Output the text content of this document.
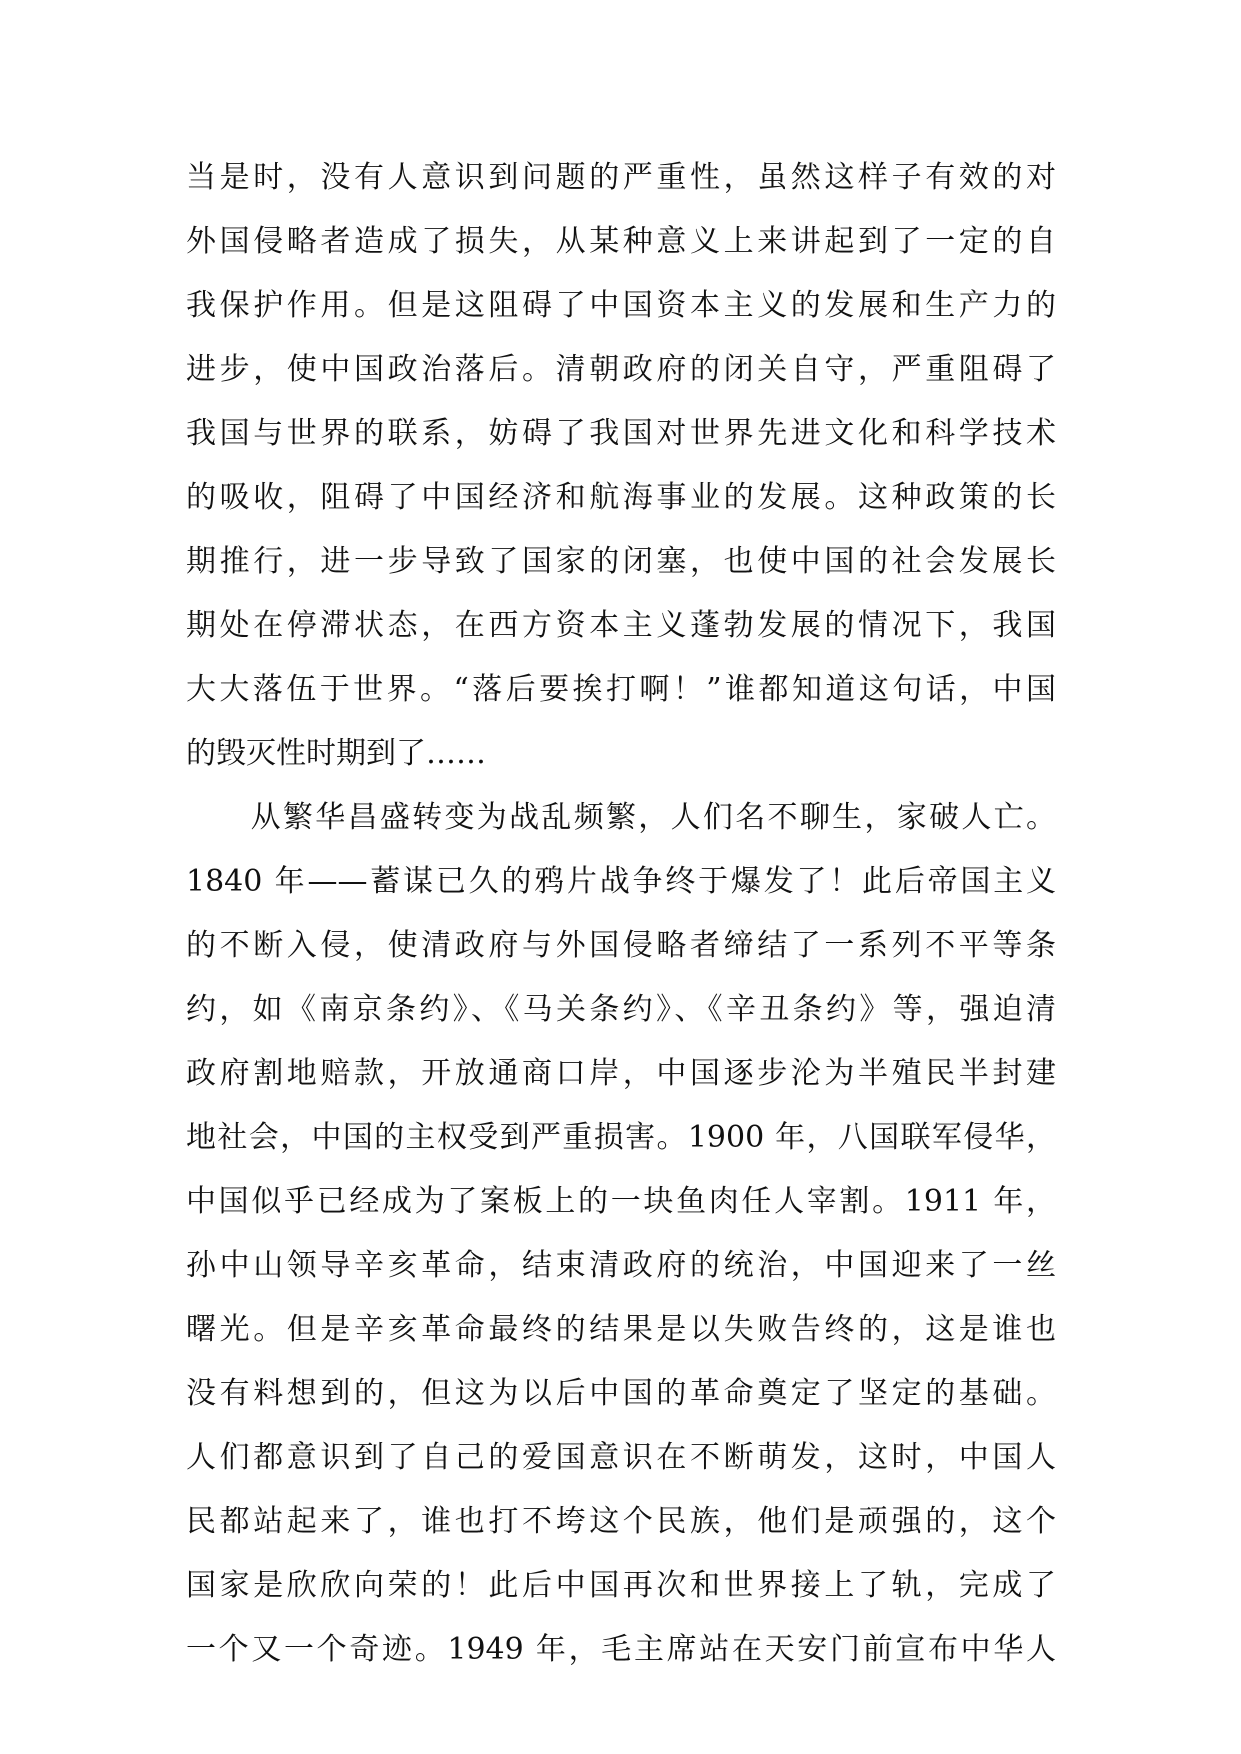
当是时，没有人意识到问题的严重性，虽然这样子有效的对
外国侵略者造成了损失，从某种意义上来讲起到了一定的自
我保护作用。但是这阻碍了中国资本主义的发展和生产力的
进步，使中国政治落后。清朝政府的闭关自守，严重阻碍了
我国与世界的联系，妨碍了我国对世界先进文化和科学技术
的吸收，阻碍了中国经济和航海事业的发展。这种政策的长
期推行，进一步导致了国家的闭塞，也使中国的社会发展长
期处在停滞状态，在西方资本主义蓬勃发展的情况下，我国
大大落伍于世界。“落后要挨打啊！”谁都知道这句话，中国
的毁灭性时期到了……
　　从繁华昌盛转变为战乱频繁，人们名不聊生，家破人亡。
1840 年——蓄谋已久的鸦片战争终于爆发了！此后帝国主义
的不断入侵，使清政府与外国侵略者缔结了一系列不平等条
约，如《南京条约》、《马关条约》、《辛丑条约》等，强迫清
政府割地赔款，开放通商口岸，中国逐步沦为半殖民半封建
地社会，中国的主权受到严重损害。1900 年，八国联军侵华，
中国似乎已经成为了案板上的一块鱼肉任人宰割。1911 年，
孙中山领导辛亥革命，结束清政府的统治，中国迎来了一丝
曙光。但是辛亥革命最终的结果是以失败告终的，这是谁也
没有料想到的，但这为以后中国的革命奠定了坚定的基础。
人们都意识到了自己的爱国意识在不断萌发，这时，中国人
民都站起来了，谁也打不垮这个民族，他们是顽强的，这个
国家是欣欣向荣的！此后中国再次和世界接上了轨，完成了
一个又一个奇迹。1949 年，毛主席站在天安门前宣布中华人
